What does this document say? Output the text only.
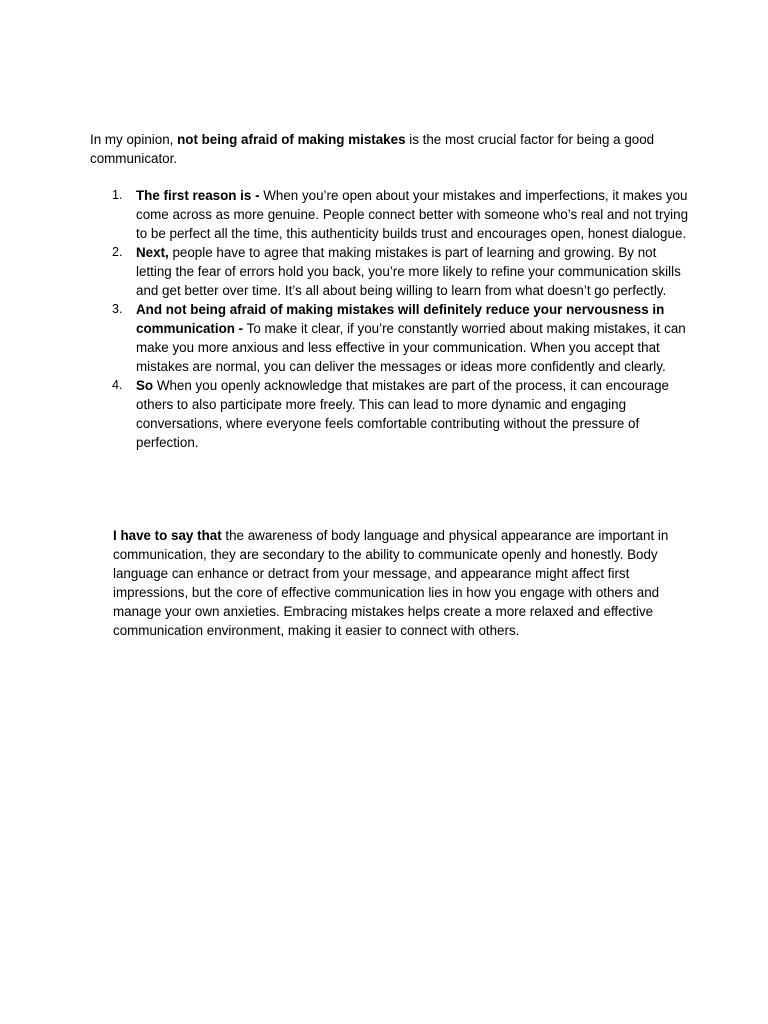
In my opinion, not being afraid of making mistakes is the most crucial factor for being a good communicator.

1. The first reason is - When you’re open about your mistakes and imperfections, it makes you come across as more genuine. People connect better with someone who’s real and not trying to be perfect all the time, this authenticity builds trust and encourages open, honest dialogue.
2. Next, people have to agree that making mistakes is part of learning and growing. By not letting the fear of errors hold you back, you’re more likely to refine your communication skills and get better over time. It’s all about being willing to learn from what doesn’t go perfectly.
3. And not being afraid of making mistakes will definitely reduce your nervousness in communication - To make it clear, if you’re constantly worried about making mistakes, it can make you more anxious and less effective in your communication. When you accept that mistakes are normal, you can deliver the messages or ideas more confidently and clearly.
4. So When you openly acknowledge that mistakes are part of the process, it can encourage others to also participate more freely. This can lead to more dynamic and engaging conversations, where everyone feels comfortable contributing without the pressure of perfection.

I have to say that the awareness of body language and physical appearance are important in communication, they are secondary to the ability to communicate openly and honestly. Body language can enhance or detract from your message, and appearance might affect first impressions, but the core of effective communication lies in how you engage with others and manage your own anxieties. Embracing mistakes helps create a more relaxed and effective communication environment, making it easier to connect with others.
